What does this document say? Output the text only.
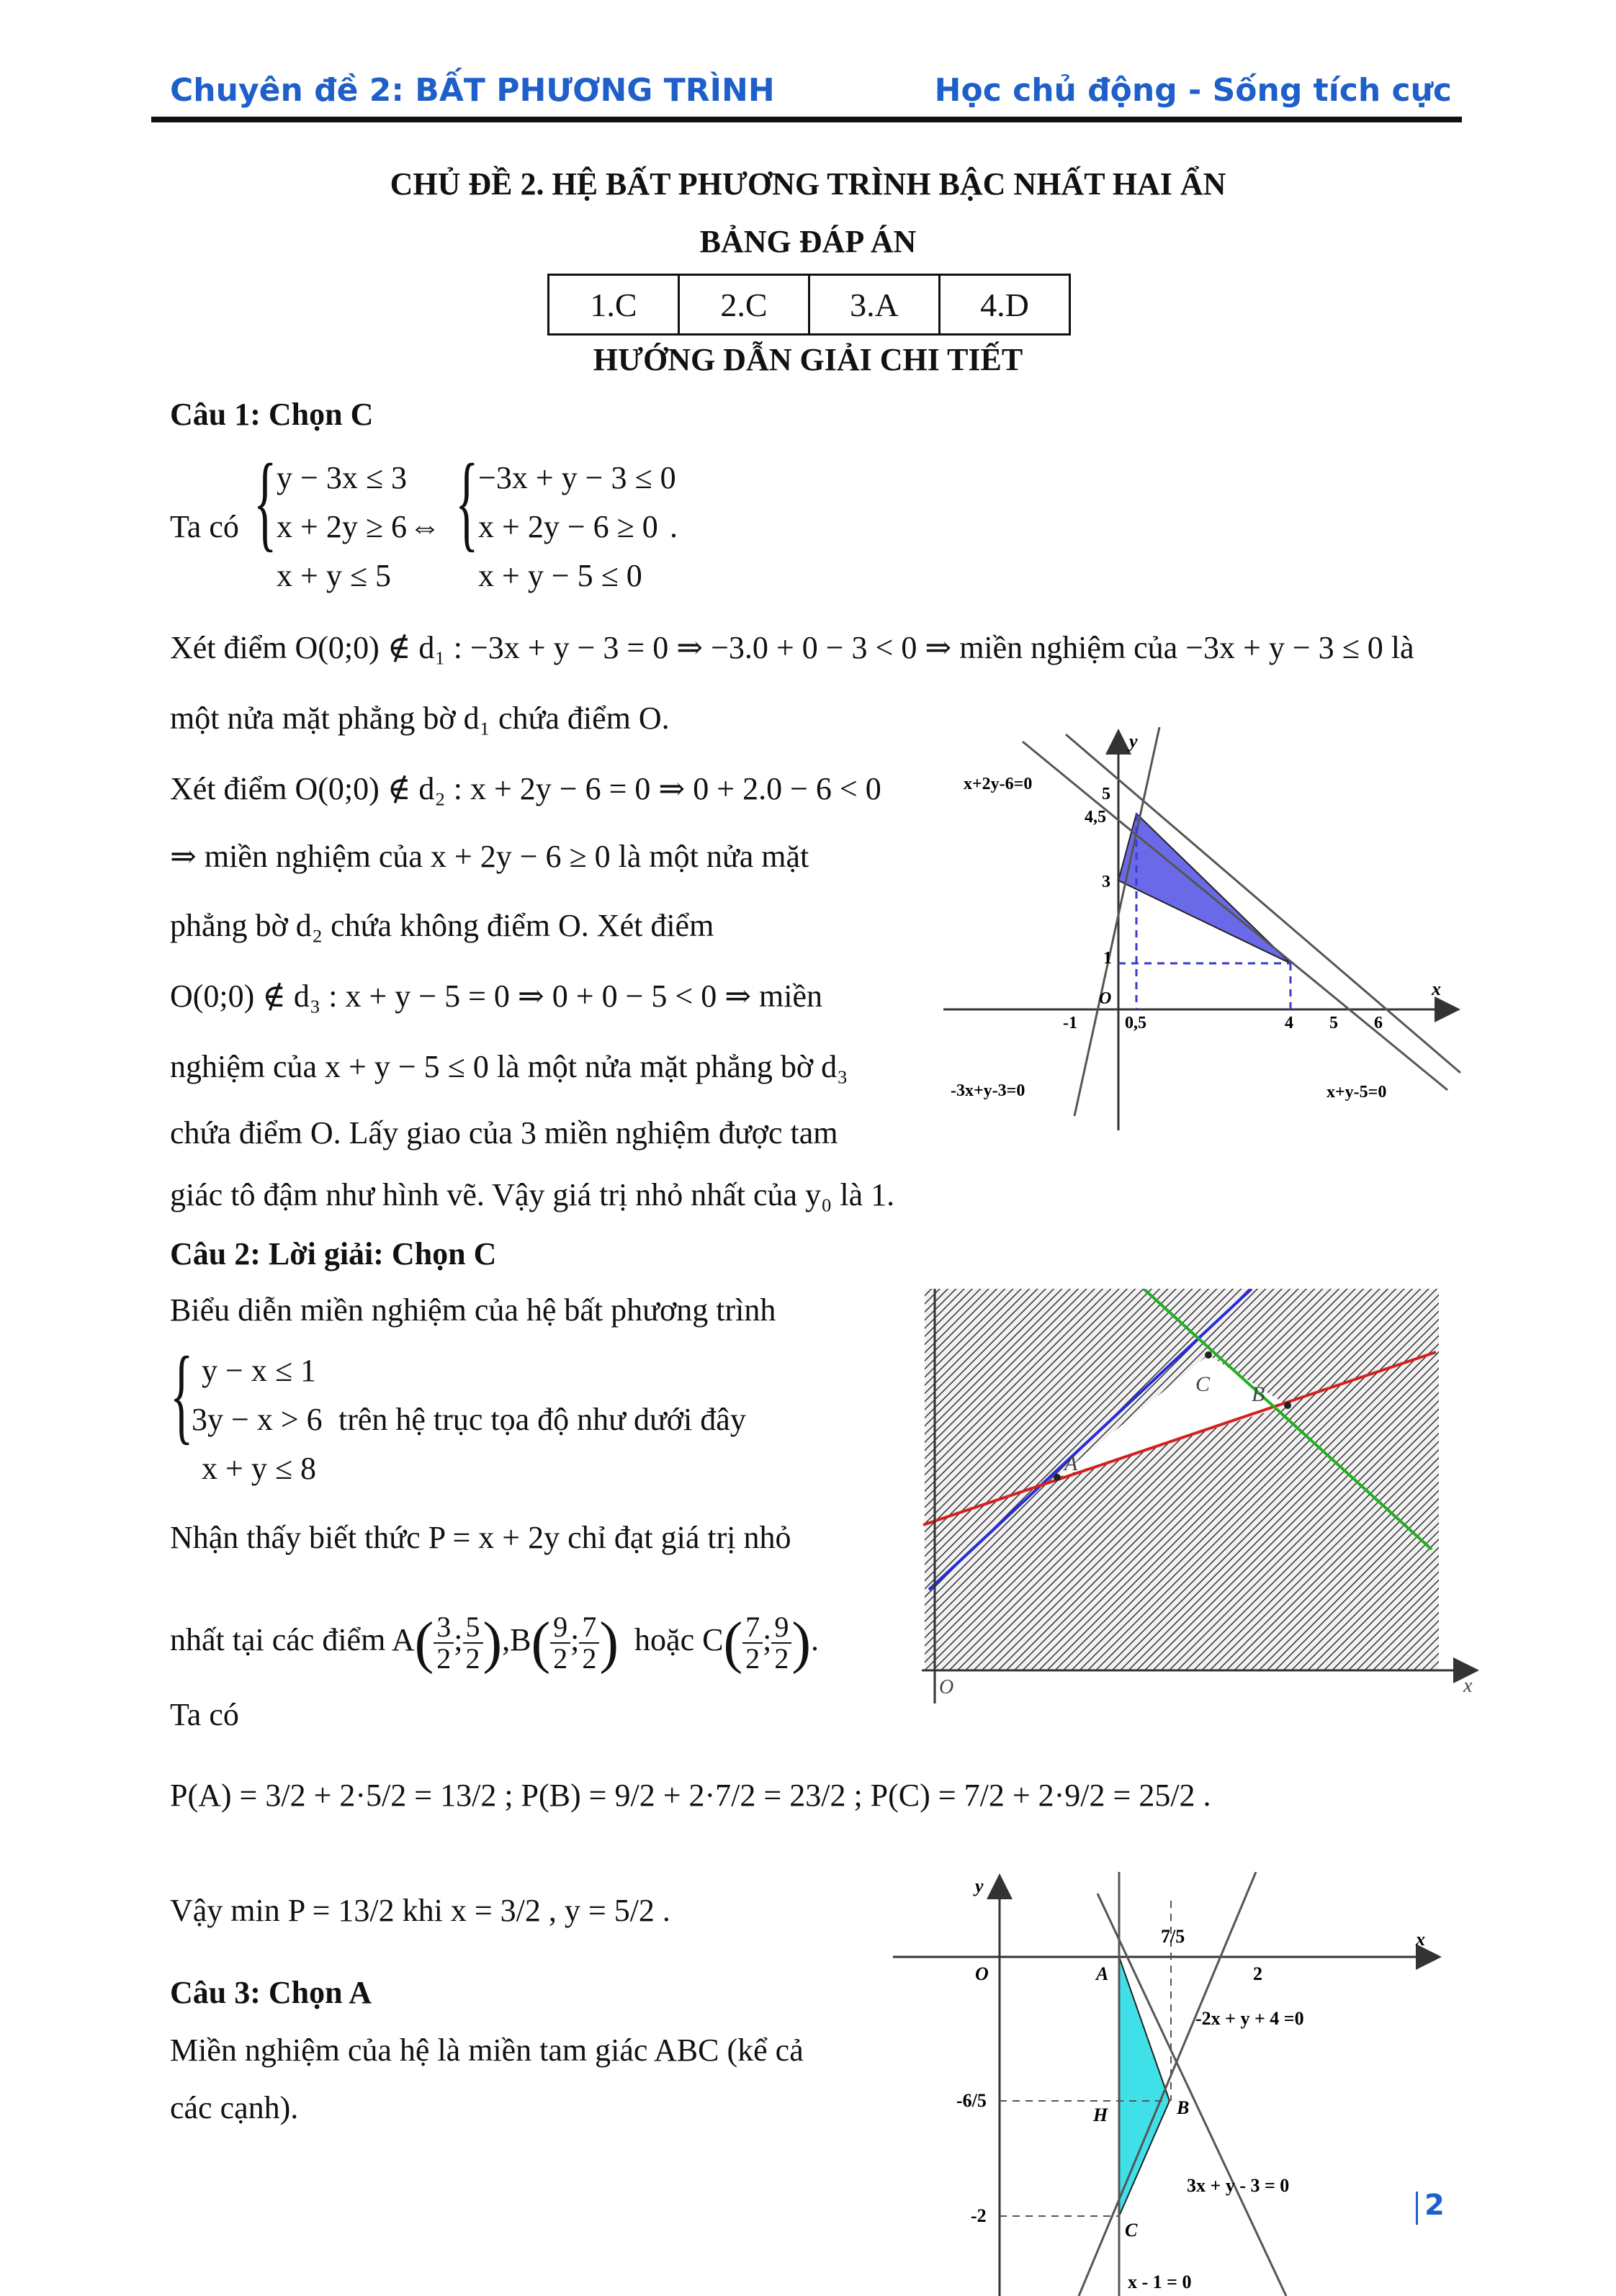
Chuyên đề 2: BẤT PHƯƠNG TRÌNH	Học chủ động - Sống tích cực
CHỦ ĐỀ 2. HỆ BẤT PHƯƠNG TRÌNH BẬC NHẤT HAI ẨN
BẢNG ĐÁP ÁN
1.C	2.C	3.A	4.D
HƯỚNG DẪN GIẢI CHI TIẾT
Câu 1: Chọn C
Ta có { y − 3x ≤ 3
x + 2y ≥ 6
x + y ≤ 5
⇔ { −3x + y − 3 ≤ 0
x + 2y − 6 ≥ 0
x + y − 5 ≤ 0
.
Xét điểm O(0;0) ∉ d₁ : −3x + y − 3 = 0 ⇒ −3.0 + 0 − 3 < 0 ⇒ miền nghiệm của −3x + y − 3 ≤ 0 là
một nửa mặt phẳng bờ d₁ chứa điểm O.
Xét điểm O(0;0) ∉ d₂ : x + 2y − 6 = 0 ⇒ 0 + 2.0 − 6 < 0
⇒ miền nghiệm của x + 2y − 6 ≥ 0 là một nửa mặt
phẳng bờ d₂ chứa không điểm O. Xét điểm
O(0;0) ∉ d₃ : x + y − 5 = 0 ⇒ 0 + 0 − 5 < 0 ⇒ miền
nghiệm của x + y − 5 ≤ 0 là một nửa mặt phẳng bờ d₃
chứa điểm O. Lấy giao của 3 miền nghiệm được tam
giác tô đậm như hình vẽ. Vậy giá trị nhỏ nhất của y₀ là 1.
y
x
O
x+2y-6=0
-3x+y-3=0	x+y-5=0
5
4,5
3
1
-1	0,5	4 5 6
Câu 2: Lời giải: Chọn C
Biểu diễn miền nghiệm của hệ bất phương trình
{ y − x ≤ 1
3y − x > 6
x + y ≤ 8
trên hệ trục tọa độ như dưới đây
Nhận thấy biết thức P = x + 2y chỉ đạt giá trị nhỏ
nhất tại các điểm $A( \frac{3}{2}$ ; $\frac{5}{2} ),B( \frac{9}{2}$ ; $\frac{7}{2}$ ) hoặc $C( \frac{7}{2}$ ; $\frac{9}{2}$ ).
Ta có
P(A) = 3/2 + 2·5/2 = 13/2 ; P(B) = 9/2 + 2·7/2 = 23/2 ; P(C) = 7/2 + 2·9/2 = 25/2 .
Vậy min P = 13/2 khi x = 3/2 , y = 5/2 .
A
C B
O	x
Câu 3: Chọn A
Miền nghiệm của hệ là miền tam giác ABC (kể cả
các cạnh).
y
x
O	A
B
C
H
7/5
2
-6/5
-2
-2x + y + 4 =0
3x + y - 3 = 0
x - 1 = 0
2
